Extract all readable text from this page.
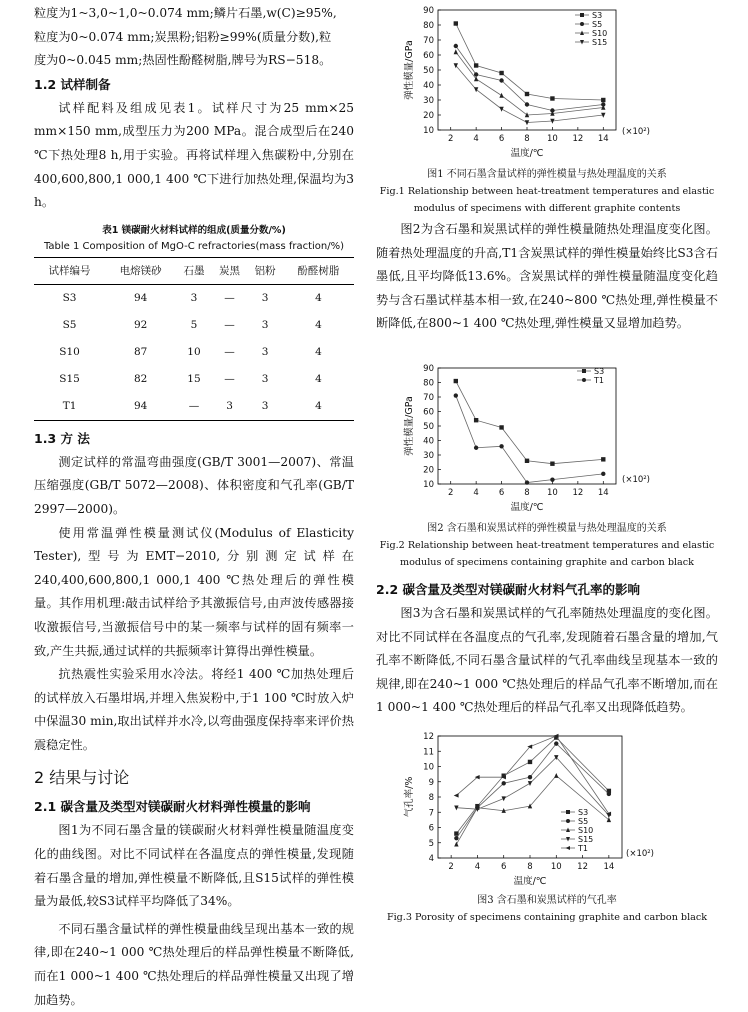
粒度为1~3,0~1,0~0.074 mm;鳞片石墨,w(C)≥95%,

粒度为0~0.074 mm;炭黑粉;铝粉≥99%(质量分数),粒

度为0~0.045 mm;热固性酚醛树脂,牌号为RS−518。

1.2 试样制备

试样配料及组成见表1。试样尺寸为25 mm×25 mm×150 mm,成型压力为200 MPa。混合成型后在240 ℃下热处理8 h,用于实验。再将试样埋入焦碳粉中,分别在400,600,800,1 000,1 400 ℃下进行加热处理,保温均为3 h。

表1 镁碳耐火材料试样的组成(质量分数/%)

Table 1 Composition of MgO-C refractories(mass fraction/%)

试样编号	电熔镁砂	石墨	炭黑	铝粉	酚醛树脂
S3	94	3	—	3	4
S5	92	5	—	3	4
S10	87	10	—	3	4
S15	82	15	—	3	4
T1	94	—	3	3	4

1.3 方 法

测定试样的常温弯曲强度(GB/T 3001—2007)、常温压缩强度(GB/T 5072—2008)、体积密度和气孔率(GB/T 2997—2000)。

使用常温弹性模量测试仪(Modulus of Elasticity Tester),型号为EMT−2010,分别测定试样在240,400,600,800,1 000,1 400 ℃热处理后的弹性模量。其作用机理:敲击试样给予其激振信号,由声波传感器接收激振信号,当激振信号中的某一频率与试样的固有频率一致,产生共振,通过试样的共振频率计算得出弹性模量。

抗热震性实验采用水冷法。将经1 400 ℃加热处理后的试样放入石墨坩埚,并埋入焦炭粉中,于1 100 ℃时放入炉中保温30 min,取出试样并水冷,以弯曲强度保持率来评价热震稳定性。

2 结果与讨论

2.1 碳含量及类型对镁碳耐火材料弹性模量的影响

图1为不同石墨含量的镁碳耐火材料弹性模量随温度变化的曲线图。对比不同试样在各温度点的弹性模量,发现随着石墨含量的增加,弹性模量不断降低,且S15试样的弹性模量为最低,较S3试样平均降低了34%。

不同石墨含量试样的弹性模量曲线呈现出基本一致的规律,即在240~1 000 ℃热处理后的样品弹性模量不断降低,而在1 000~1 400 ℃热处理后的样品弹性模量又出现了增加趋势。

10
20
30
40
50
60
70
80
90
2 4 6 8 10 12 14
(×10²)
温度/℃
弹性模量/GPa
S3
S5
S10
S15

图1 不同石墨含量试样的弹性模量与热处理温度的关系

Fig.1 Relationship between heat-treatment temperatures and elastic

modulus of specimens with different graphite contents

图2为含石墨和炭黑试样的弹性模量随热处理温度变化图。随着热处理温度的升高,T1含炭黑试样的弹性模量始终比S3含石墨低,且平均降低13.6%。含炭黑试样的弹性模量随温度变化趋势与含石墨试样基本相一致,在240~800 ℃热处理,弹性模量不断降低,在800~1 400 ℃热处理,弹性模量又显增加趋势。

10
20
30
40
50
60
70
80
90
2 4 6 8 10 12 14
(×10²)
温度/℃
弹性模量/GPa
S3
T1

图2 含石墨和炭黑试样的弹性模量与热处理温度的关系

Fig.2 Relationship between heat-treatment temperatures and elastic

modulus of specimens containing graphite and carbon black

2.2 碳含量及类型对镁碳耐火材料气孔率的影响

图3为含石墨和炭黑试样的气孔率随热处理温度的变化图。对比不同试样在各温度点的气孔率,发现随着石墨含量的增加,气孔率不断降低,不同石墨含量试样的气孔率曲线呈现基本一致的规律,即在240~1 000 ℃热处理后的样品气孔率不断增加,而在1 000~1 400 ℃热处理后的样品气孔率又出现降低趋势。

4
5
6
7
8
9
10
11
12
2 4 6 8 10 12 14
(×10²)
温度/℃
气孔率/%	S3
S5
S10
S15
T1

图3 含石墨和炭黑试样的气孔率

Fig.3 Porosity of specimens containing graphite and carbon black
